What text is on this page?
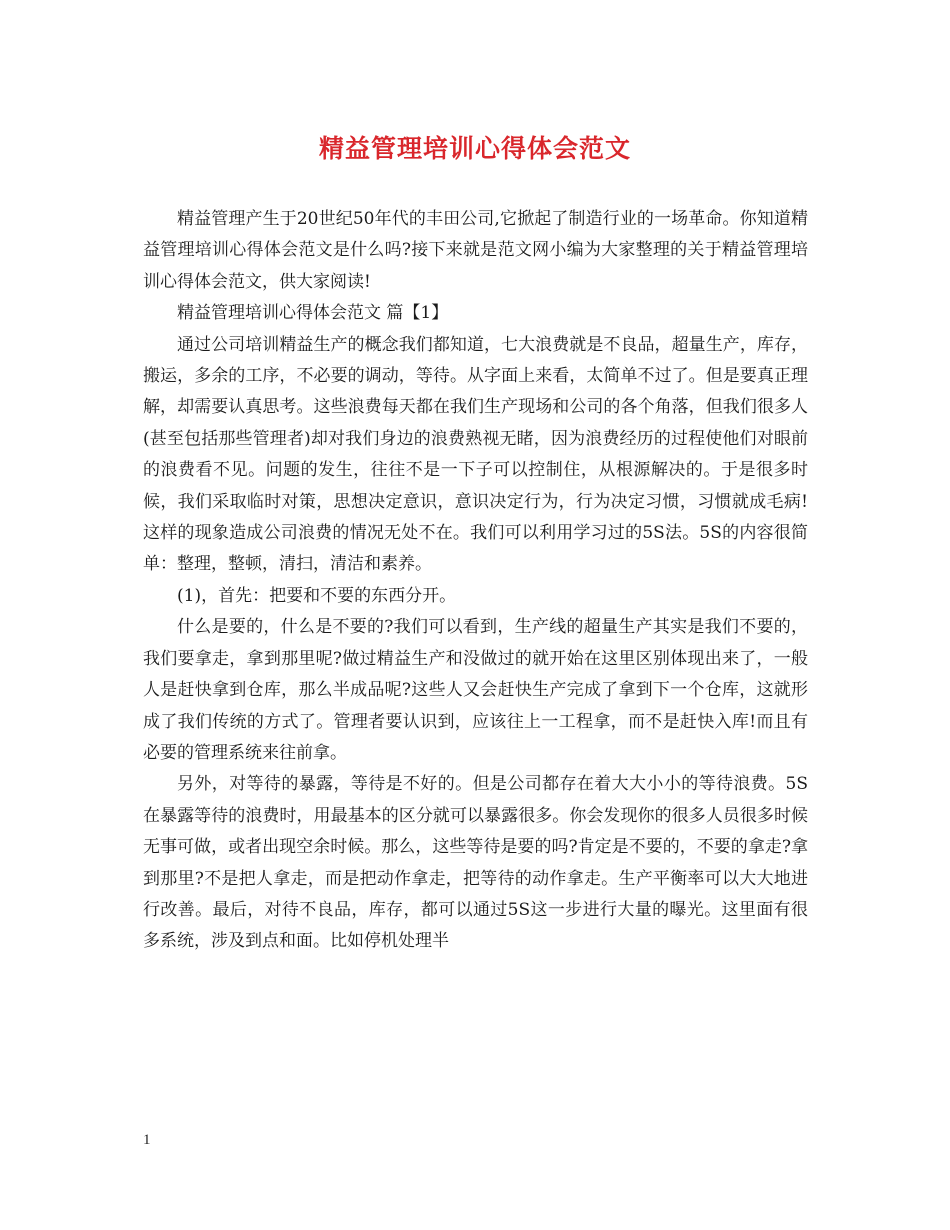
精益管理培训心得体会范文

精益管理产生于20世纪50年代的丰田公司,它掀起了制造行业的一场革命。你知道精益管理培训心得体会范文是什么吗?接下来就是范文网小编为大家整理的关于精益管理培训心得体会范文，供大家阅读!

精益管理培训心得体会范文 篇【1】

通过公司培训精益生产的概念我们都知道，七大浪费就是不良品，超量生产，库存，搬运，多余的工序，不必要的调动，等待。从字面上来看，太简单不过了。但是要真正理解，却需要认真思考。这些浪费每天都在我们生产现场和公司的各个角落，但我们很多人(甚至包括那些管理者)却对我们身边的浪费熟视无睹，因为浪费经历的过程使他们对眼前的浪费看不见。问题的发生，往往不是一下子可以控制住，从根源解决的。于是很多时候，我们采取临时对策，思想决定意识，意识决定行为，行为决定习惯，习惯就成毛病!这样的现象造成公司浪费的情况无处不在。我们可以利用学习过的5S法。5S的内容很简单：整理，整顿，清扫，清洁和素养。

(1)，首先：把要和不要的东西分开。

什么是要的，什么是不要的?我们可以看到，生产线的超量生产其实是我们不要的，我们要拿走，拿到那里呢?做过精益生产和没做过的就开始在这里区别体现出来了，一般人是赶快拿到仓库，那么半成品呢?这些人又会赶快生产完成了拿到下一个仓库，这就形成了我们传统的方式了。管理者要认识到，应该往上一工程拿，而不是赶快入库!而且有必要的管理系统来往前拿。

另外，对等待的暴露，等待是不好的。但是公司都存在着大大小小的等待浪费。5S在暴露等待的浪费时，用最基本的区分就可以暴露很多。你会发现你的很多人员很多时候无事可做，或者出现空余时候。那么，这些等待是要的吗?肯定是不要的，不要的拿走?拿到那里?不是把人拿走，而是把动作拿走，把等待的动作拿走。生产平衡率可以大大地进行改善。最后，对待不良品，库存，都可以通过5S这一步进行大量的曝光。这里面有很多系统，涉及到点和面。比如停机处理半

1
